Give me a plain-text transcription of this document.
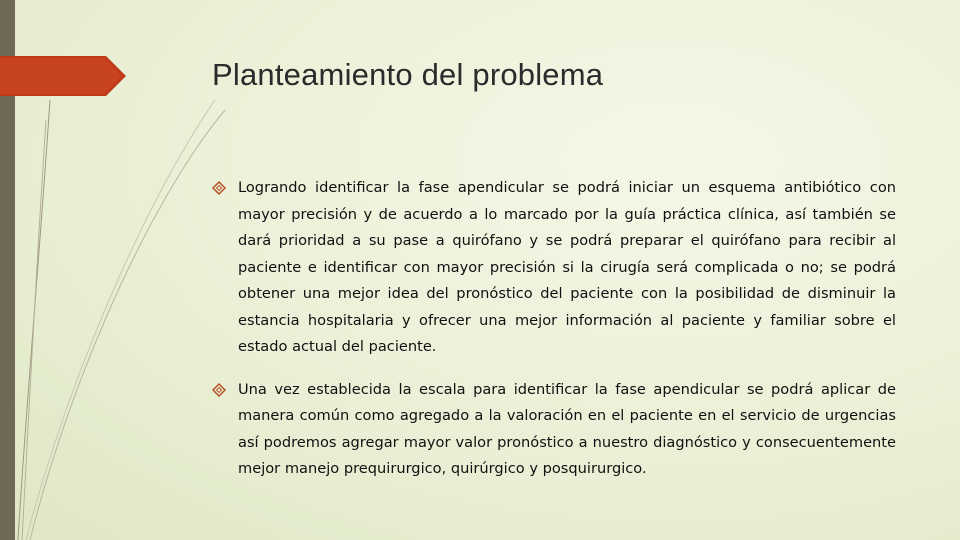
Planteamiento del problema
Logrando identificar la fase apendicular se podrá iniciar un esquema antibiótico con mayor precisión y de acuerdo a lo marcado por la guía práctica clínica, así también se dará prioridad a su pase a quirófano y se podrá preparar el quirófano para recibir al paciente e identificar con mayor precisión si la cirugía será complicada o no; se podrá obtener una mejor idea del pronóstico del paciente con la posibilidad de disminuir la estancia hospitalaria y ofrecer una mejor información al paciente y familiar sobre el estado actual del paciente.
Una vez establecida la escala para identificar la fase apendicular se podrá aplicar de manera común como agregado a la valoración en el paciente en el servicio de urgencias así podremos agregar mayor valor pronóstico a nuestro diagnóstico y consecuentemente mejor manejo prequirurgico, quirúrgico y posquirurgico.
